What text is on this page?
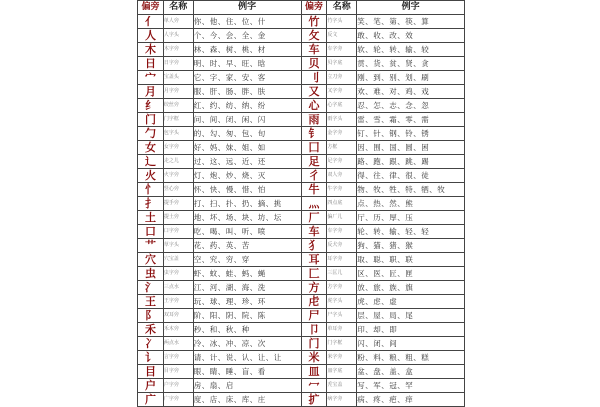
偏旁	名称	例字
亻	单人旁	你、他、住、位、什
人	人字头	个、今、会、全、金
木	木字旁	林、森、树、桃、材
日	日字旁	明、时、早、旺、晗
宀	宝盖头	它、字、家、安、客
月	月字旁	服、肝、肠、胖、肤
纟	绞丝旁	红、约、纺、纳、纷
门	门字框	问、间、闭、闲、闪
勹	包字头	的、勾、匆、包、旬
女	女字旁	好、妈、妹、姐、如
辶	走之儿	过、这、远、近、还
火	火字旁	灯、炮、炒、烧、灭
忄	竖心旁	怀、快、慢、惜、怕
扌	提手旁	打、扫、扑、扔、摘、挑
土	提土旁	地、坏、场、块、坊、坛
口	口字旁	吃、喝、叫、听、喷
艹	草字头	花、药、英、苦
穴	穴宝盖	空、究、穷、穿
虫	虫字旁	虾、蚊、蛙、蚂、蝇
氵	三点水	江、河、湖、海、洗
王	王字旁	玩、球、理、珍、环
阝	双耳旁	阶、阳、阴、院、陈
禾	禾木旁	秒、和、秋、种
冫	两点水	冷、冰、冲、凉、次
讠	言字旁	请、计、说、认、让、让
目	目字旁	眼、睛、睡、盲、看
户	户字旁	房、扇、启
广	广字旁	度、店、床、库、庄
偏旁	名称	例字
竹	竹字头	笑、笔、第、筷、算
攵	反文	敢、收、改、效
车	车字旁	软、轮、转、输、较
贝	贝字底	贯、货、贫、贤、贪
刂	立刀旁	刚、到、别、划、刷
又	又字旁	欢、难、对、鸡、戏
心	心字底	忍、怎、志、念、忽
雨	雨字头	雷、雪、霜、零、需
钅	金字旁	钉、针、钢、铃、锈
囗	方框	因、围、国、圆、困
足	足字旁	路、跑、跟、跳、踢
彳	双人旁	得、往、律、很、徒
牛	牛字旁	物、牧、牲、特、牺、牧
灬	四点底	点、热、然、熊
厂	偏厂儿	厅、历、厚、压
车	车字旁	轮、转、输、轻、轻
犭	反犬旁	狗、猫、猪、猴
耳	耳字旁	取、聪、职、联
匚	三匡儿	区、医、匠、匣
方	方字旁	放、旅、族、旗
虍	虎字头	虎、虑、虚
尸	尸字头	层、屋、局、尾
卩	单耳旁	印、却、即
门	门字框	闪、闭、间
米	米字旁	粉、料、粮、粗、糕
皿	皿字底	盆、盘、盖、盒
冖	秃宝盖	写、军、冠、罕
扩	病字旁	病、疼、疤、痒
